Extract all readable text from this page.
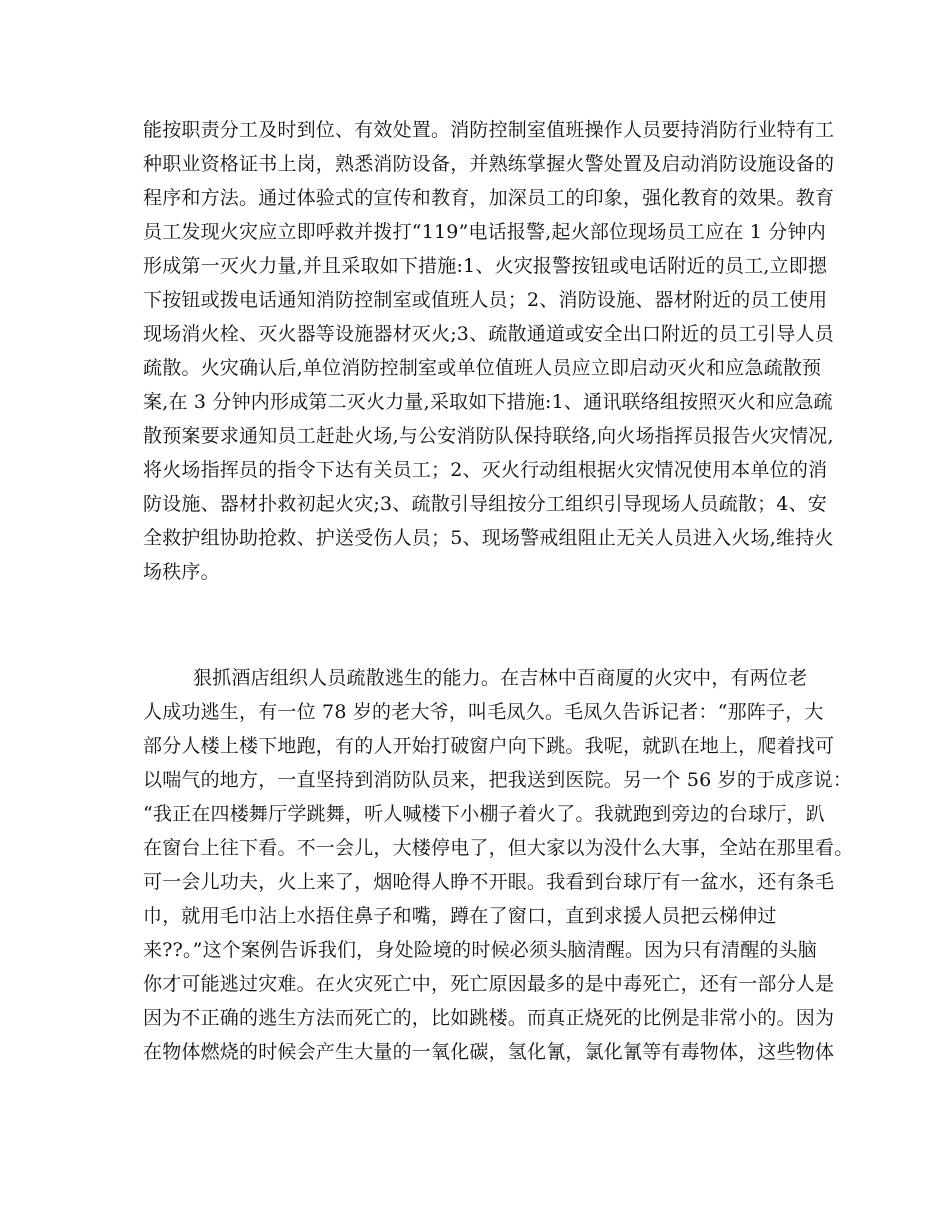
能按职责分工及时到位、有效处置。消防控制室值班操作人员要持消防行业特有工
种职业资格证书上岗，熟悉消防设备，并熟练掌握火警处置及启动消防设施设备的
程序和方法。通过体验式的宣传和教育，加深员工的印象，强化教育的效果。教育
员工发现火灾应立即呼救并拨打“119”电话报警,起火部位现场员工应在 1 分钟内
形成第一灭火力量,并且采取如下措施:1、火灾报警按钮或电话附近的员工,立即摁
下按钮或拨电话通知消防控制室或值班人员；2、消防设施、器材附近的员工使用
现场消火栓、灭火器等设施器材灭火;3、疏散通道或安全出口附近的员工引导人员
疏散。火灾确认后,单位消防控制室或单位值班人员应立即启动灭火和应急疏散预
案,在 3 分钟内形成第二灭火力量,采取如下措施:1、通讯联络组按照灭火和应急疏
散预案要求通知员工赶赴火场,与公安消防队保持联络,向火场指挥员报告火灾情况,
将火场指挥员的指令下达有关员工；2、灭火行动组根据火灾情况使用本单位的消
防设施、器材扑救初起火灾;3、疏散引导组按分工组织引导现场人员疏散；4、安
全救护组协助抢救、护送受伤人员；5、现场警戒组阻止无关人员进入火场,维持火
场秩序。
狠抓酒店组织人员疏散逃生的能力。在吉林中百商厦的火灾中，有两位老
人成功逃生，有一位 78 岁的老大爷，叫毛凤久。毛凤久告诉记者：“那阵子，大
部分人楼上楼下地跑，有的人开始打破窗户向下跳。我呢，就趴在地上，爬着找可
以喘气的地方，一直坚持到消防队员来，把我送到医院。另一个 56 岁的于成彦说：
“我正在四楼舞厅学跳舞，听人喊楼下小棚子着火了。我就跑到旁边的台球厅，趴
在窗台上往下看。不一会儿，大楼停电了，但大家以为没什么大事，全站在那里看。
可一会儿功夫，火上来了，烟呛得人睁不开眼。我看到台球厅有一盆水，还有条毛
巾，就用毛巾沾上水捂住鼻子和嘴，蹲在了窗口，直到求援人员把云梯伸过
来??。”这个案例告诉我们，身处险境的时候必须头脑清醒。因为只有清醒的头脑
你才可能逃过灾难。在火灾死亡中，死亡原因最多的是中毒死亡，还有一部分人是
因为不正确的逃生方法而死亡的，比如跳楼。而真正烧死的比例是非常小的。因为
在物体燃烧的时候会产生大量的一氧化碳，氢化氰，氯化氰等有毒物体，这些物体
